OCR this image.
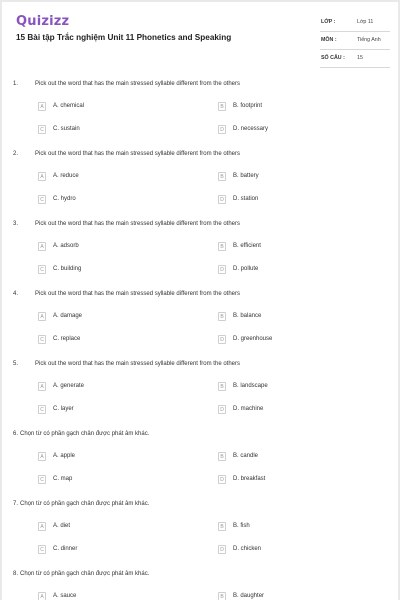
Quizizz
15 Bài tập Trắc nghiệm Unit 11 Phonetics and Speaking
LỚP :	Lớp 11
MÔN :	Tiếng Anh
SỐ CÂU : 15
1.	Pick out the word that has the main stressed syllable different from the others
A	A. chemical	B	B. footprint
C	C. sustain	D	D. necessary
2.	Pick out the word that has the main stressed syllable different from the others
A	A. reduce	B	B. battery
C	C. hydro	D	D. station
3.	Pick out the word that has the main stressed syllable different from the others
A	A. adsorb	B	B. efficient
C	C. building	D	D. pollute
4.	Pick out the word that has the main stressed syllable different from the others
A	A. damage	B	B. balance
C	C. replace	D	D. greenhouse
5.	Pick out the word that has the main stressed syllable different from the others
A	A. generate	B	B. landscape
C	C. layer	D	D. machine
6. Chọn từ có phần gạch chân được phát âm khác.
A	A. apple	B	B. candle
C	C. map	D	D. breakfast
7. Chọn từ có phần gạch chân được phát âm khác.
A	A. diet	B	B. fish
C	C. dinner	D	D. chicken
8. Chọn từ có phần gạch chân được phát âm khác.
A	A. sauce	B	B. daughter
